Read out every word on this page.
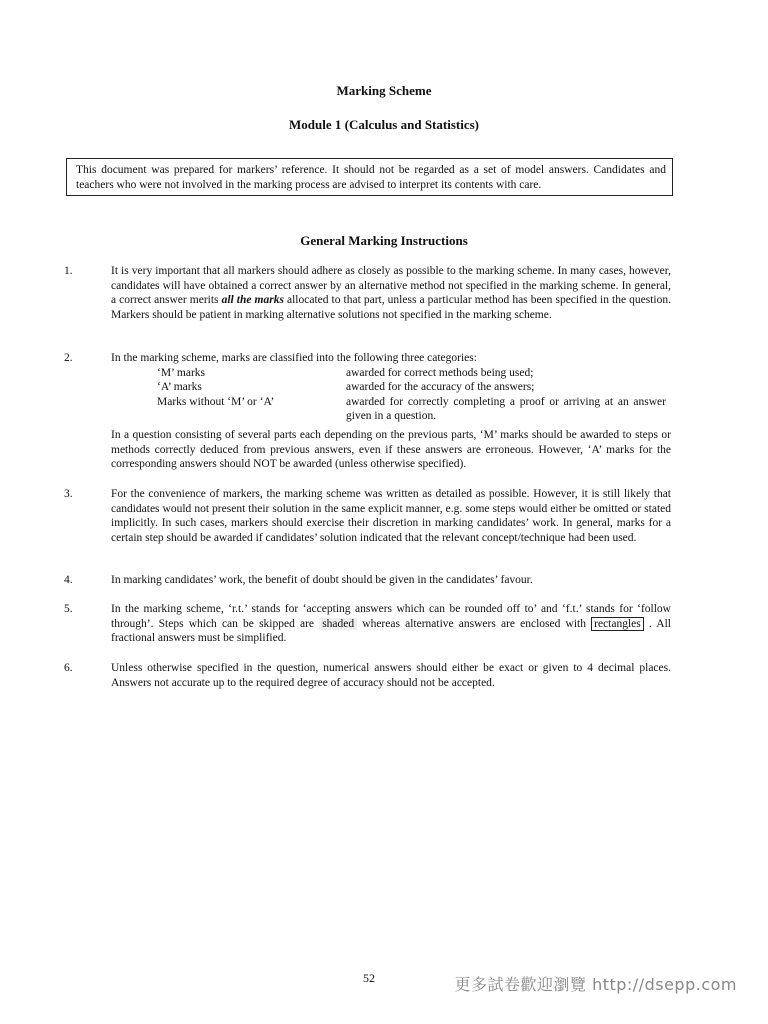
Marking Scheme
Module 1 (Calculus and Statistics)
This document was prepared for markers’ reference. It should not be regarded as a set of model answers. Candidates and teachers who were not involved in the marking process are advised to interpret its contents with care.
General Marking Instructions
1.	It is very important that all markers should adhere as closely as possible to the marking scheme. In many cases, however, candidates will have obtained a correct answer by an alternative method not specified in the marking scheme. In general, a correct answer merits all the marks allocated to that part, unless a particular method has been specified in the question. Markers should be patient in marking alternative solutions not specified in the marking scheme.
2.	In the marking scheme, marks are classified into the following three categories:

‘M’ marks	awarded for correct methods being used;
‘A’ marks	awarded for the accuracy of the answers;
Marks without ‘M’ or ‘A’	awarded for correctly completing a proof or arriving at an answer given in a question.

In a question consisting of several parts each depending on the previous parts, ‘M’ marks should be awarded to steps or methods correctly deduced from previous answers, even if these answers are erroneous. However, ‘A’ marks for the corresponding answers should NOT be awarded (unless otherwise specified).

3.	For the convenience of markers, the marking scheme was written as detailed as possible. However, it is still likely that candidates would not present their solution in the same explicit manner, e.g. some steps would either be omitted or stated implicitly. In such cases, markers should exercise their discretion in marking candidates’ work. In general, marks for a certain step should be awarded if candidates’ solution indicated that the relevant concept/technique had been used.
4.	In marking candidates’ work, the benefit of doubt should be given in the candidates’ favour.
5.	In the marking scheme, ‘r.t.’ stands for ‘accepting answers which can be rounded off to’ and ‘f.t.’ stands for ‘follow through’. Steps which can be skipped are shaded whereas alternative answers are enclosed with rectangles . All fractional answers must be simplified.
6.	Unless otherwise specified in the question, numerical answers should either be exact or given to 4 decimal places. Answers not accurate up to the required degree of accuracy should not be accepted.
52	更多試卷歡迎瀏覽 http://dsepp.com
